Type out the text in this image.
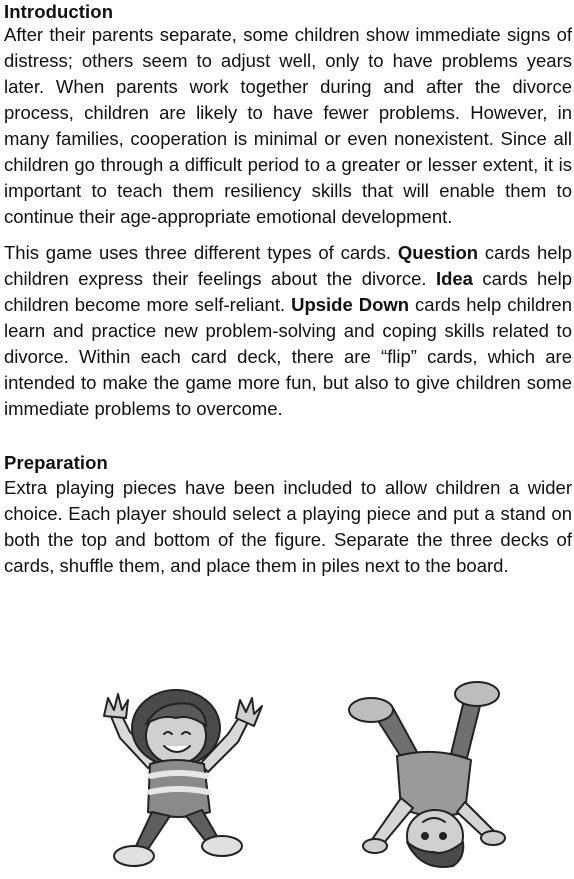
Introduction

After their parents separate, some children show immediate signs of distress; others seem to adjust well, only to have problems years later. When parents work together during and after the divorce process, children are likely to have fewer problems. However, in many families, cooperation is minimal or even nonexistent. Since all children go through a difficult period to a greater or lesser extent, it is important to teach them resiliency skills that will enable them to continue their age-appropriate emotional development.

This game uses three different types of cards. Question cards help children express their feelings about the divorce. Idea cards help children become more self-reliant. Upside Down cards help children learn and practice new problem-solving and coping skills related to divorce. Within each card deck, there are “flip” cards, which are intended to make the game more fun, but also to give children some immediate problems to overcome.

Preparation

Extra playing pieces have been included to allow children a wider choice. Each player should select a playing piece and put a stand on both the top and bottom of the figure. Separate the three decks of cards, shuffle them, and place them in piles next to the board.
